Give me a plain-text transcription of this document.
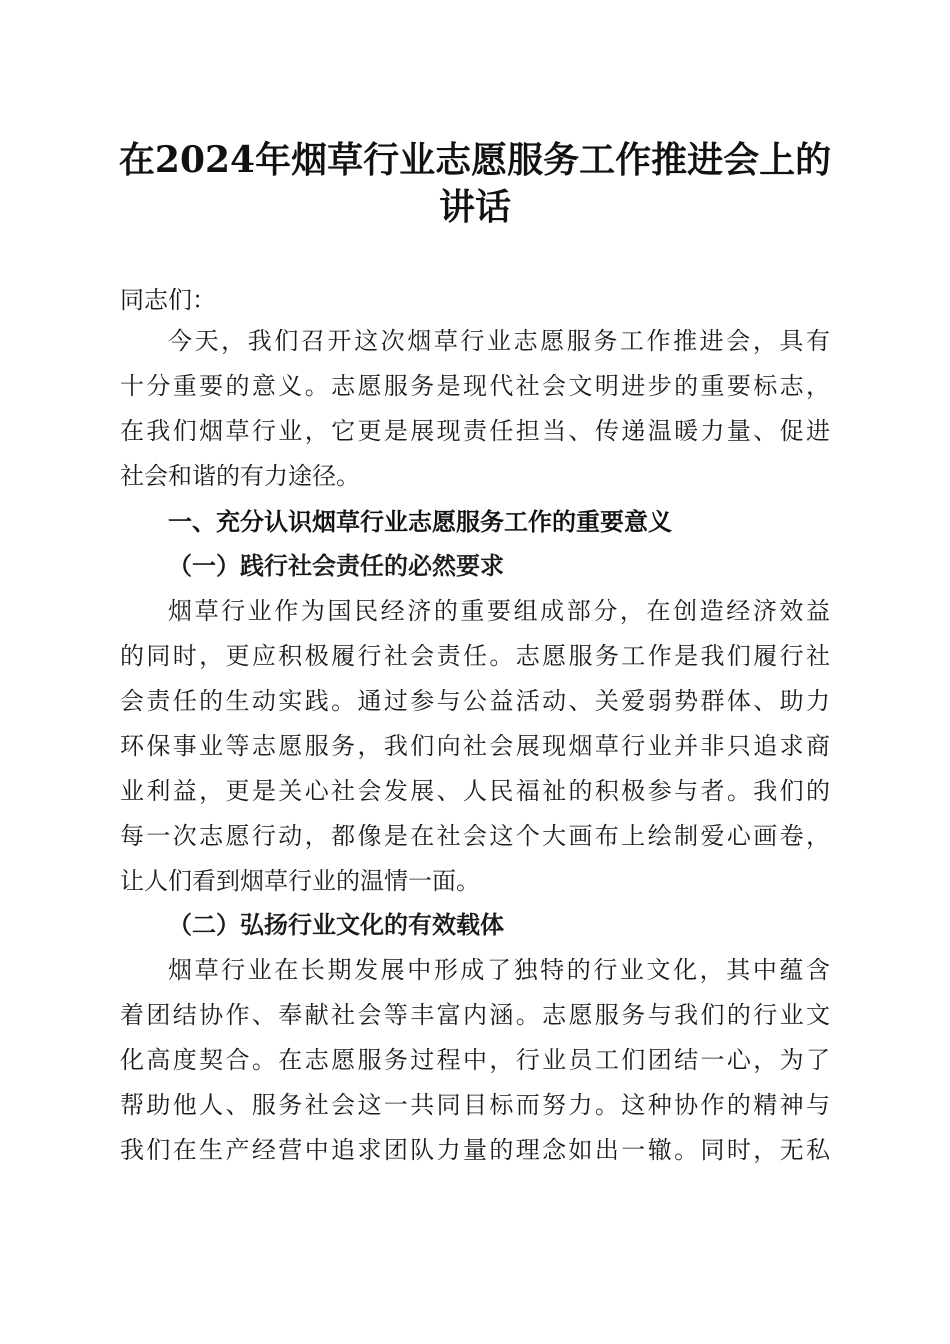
在2024年烟草行业志愿服务工作推进会上的
讲话

同志们：

今天，我们召开这次烟草行业志愿服务工作推进会，具有

十分重要的意义。志愿服务是现代社会文明进步的重要标志，

在我们烟草行业，它更是展现责任担当、传递温暖力量、促进

社会和谐的有力途径。

一、充分认识烟草行业志愿服务工作的重要意义
（一）践行社会责任的必然要求

烟草行业作为国民经济的重要组成部分，在创造经济效益

的同时，更应积极履行社会责任。志愿服务工作是我们履行社

会责任的生动实践。通过参与公益活动、关爱弱势群体、助力

环保事业等志愿服务，我们向社会展现烟草行业并非只追求商

业利益，更是关心社会发展、人民福祉的积极参与者。我们的

每一次志愿行动，都像是在社会这个大画布上绘制爱心画卷，

让人们看到烟草行业的温情一面。

（二）弘扬行业文化的有效载体

烟草行业在长期发展中形成了独特的行业文化，其中蕴含

着团结协作、奉献社会等丰富内涵。志愿服务与我们的行业文

化高度契合。在志愿服务过程中，行业员工们团结一心，为了

帮助他人、服务社会这一共同目标而努力。这种协作的精神与

我们在生产经营中追求团队力量的理念如出一辙。同时，无私
